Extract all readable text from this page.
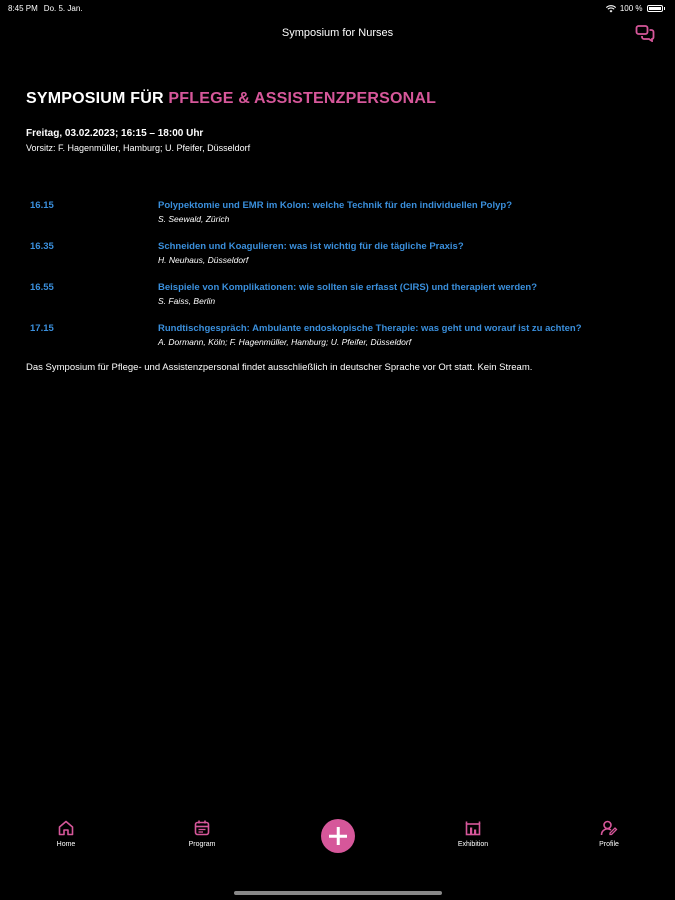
8:45 PM Do. 5. Jan.	100 %
Symposium for Nurses
SYMPOSIUM FÜR PFLEGE & ASSISTENZPERSONAL
Freitag, 03.02.2023; 16:15 – 18:00 Uhr
Vorsitz: F. Hagenmüller, Hamburg; U. Pfeifer, Düsseldorf
16.15	Polypektomie und EMR im Kolon: welche Technik für den individuellen Polyp?
S. Seewald, Zürich
16.35	Schneiden und Koagulieren: was ist wichtig für die tägliche Praxis?
H. Neuhaus, Düsseldorf
16.55	Beispiele von Komplikationen: wie sollten sie erfasst (CIRS) und therapiert werden?
S. Faiss, Berlin
17.15	Rundtischgespräch: Ambulante endoskopische Therapie: was geht und worauf ist zu achten?
A. Dormann, Köln; F. Hagenmüller, Hamburg; U. Pfeifer, Düsseldorf
Das Symposium für Pflege- und Assistenzpersonal findet ausschließlich in deutscher Sprache vor Ort statt. Kein Stream.
Home	Program	Exhibition	Profile
